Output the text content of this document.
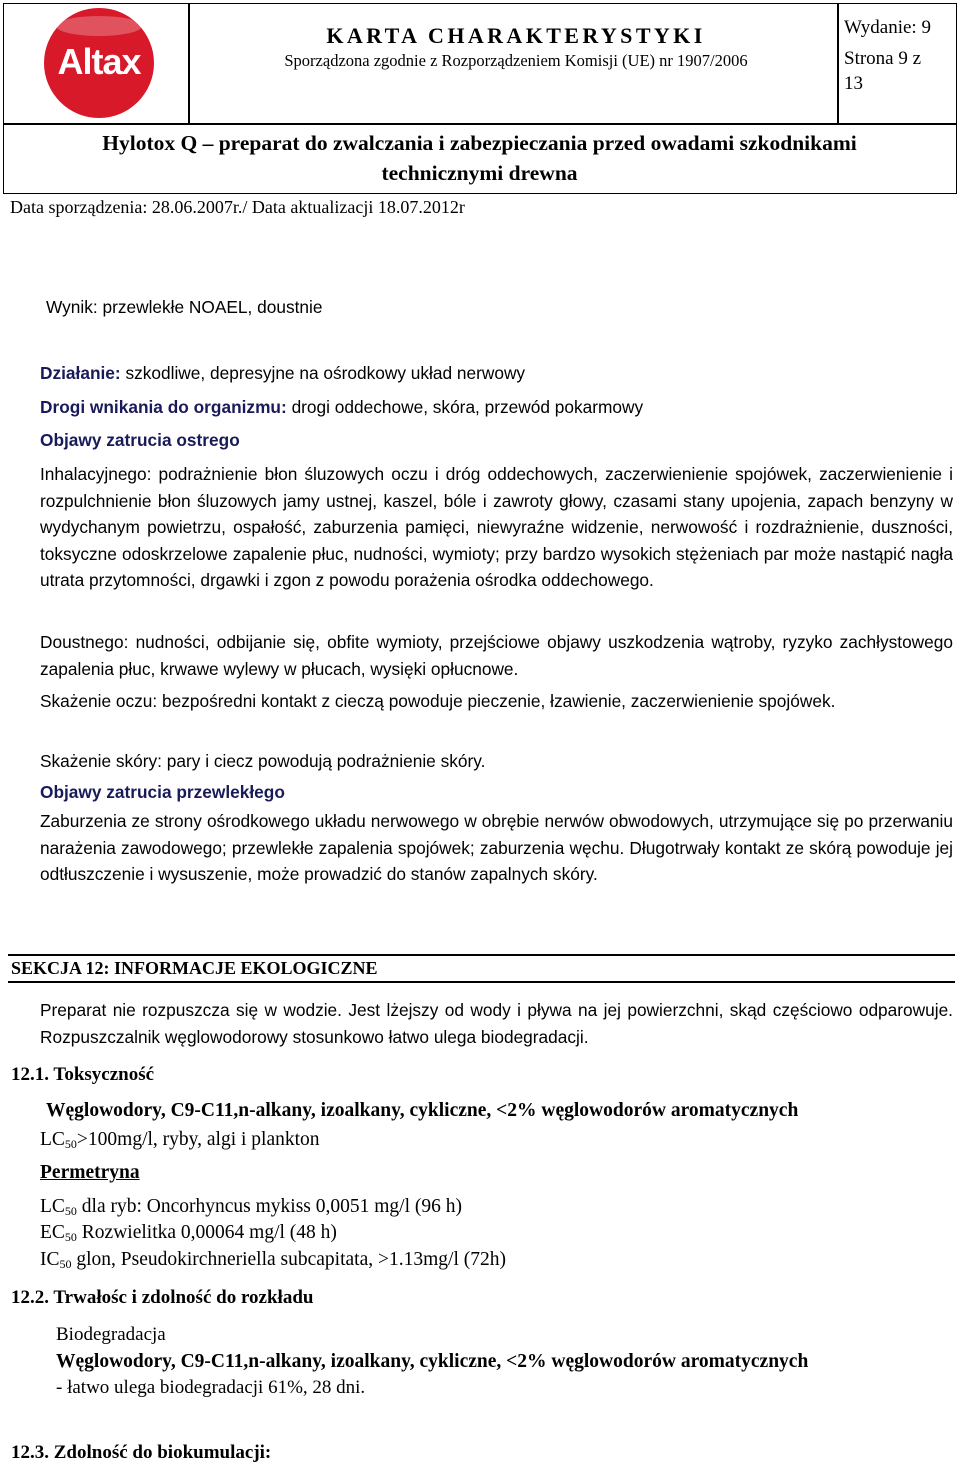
Altax
KARTA CHARAKTERYSTYKI
Sporządzona zgodnie z Rozporządzeniem Komisji (UE) nr 1907/2006
Wydanie: 9
Strona 9 z
13
Hylotox Q – preparat do zwalczania i zabezpieczania przed owadami szkodnikami
technicznymi drewna
Data sporządzenia: 28.06.2007r./ Data aktualizacji 18.07.2012r
Wynik: przewlekłe NOAEL, doustnie
Działanie: szkodliwe, depresyjne na ośrodkowy układ nerwowy
Drogi wnikania do organizmu: drogi oddechowe, skóra, przewód pokarmowy
Objawy zatrucia ostrego
Inhalacyjnego: podrażnienie błon śluzowych oczu i dróg oddechowych, zaczerwienienie spojówek, zaczerwienienie i rozpulchnienie błon śluzowych jamy ustnej, kaszel, bóle i zawroty głowy, czasami stany upojenia, zapach benzyny w wydychanym powietrzu, ospałość, zaburzenia pamięci, niewyraźne widzenie, nerwowość i rozdrażnienie, duszności, toksyczne odoskrzelowe zapalenie płuc, nudności, wymioty; przy bardzo wysokich stężeniach par może nastąpić nagła utrata przytomności, drgawki i zgon z powodu porażenia ośrodka oddechowego.
Doustnego: nudności, odbijanie się, obfite wymioty, przejściowe objawy uszkodzenia wątroby, ryzyko zachłystowego zapalenia płuc, krwawe wylewy w płucach, wysięki opłucnowe.
Skażenie oczu: bezpośredni kontakt z cieczą powoduje pieczenie, łzawienie, zaczerwienienie spojówek.
Skażenie skóry: pary i ciecz powodują podrażnienie skóry.
Objawy zatrucia przewlekłego
Zaburzenia ze strony ośrodkowego układu nerwowego w obrębie nerwów obwodowych, utrzymujące się po przerwaniu narażenia zawodowego; przewlekłe zapalenia spojówek; zaburzenia węchu. Długotrwały kontakt ze skórą powoduje jej odtłuszczenie i wysuszenie, może prowadzić do stanów zapalnych skóry.
SEKCJA 12: INFORMACJE EKOLOGICZNE
Preparat nie rozpuszcza się w wodzie. Jest lżejszy od wody i pływa na jej powierzchni, skąd częściowo odparowuje. Rozpuszczalnik węglowodorowy stosunkowo łatwo ulega biodegradacji.
12.1. Toksyczność
Węglowodory, C9-C11,n-alkany, izoalkany, cykliczne, <2% węglowodorów aromatycznych
$LC_{50}>100mg/l$, ryby, algi i plankton
Permetryna
$LC_{50}$ dla ryb: Oncorhyncus mykiss 0,0051 mg/l (96 h)
$EC_{50}$ Rozwielitka 0,00064 mg/l (48 h)
$IC_{50}$ glon, Pseudokirchneriella subcapitata, >1.13mg/l (72h)
12.2. Trwałośc i zdolność do rozkładu
Biodegradacja
Węglowodory, C9-C11,n-alkany, izoalkany, cykliczne, <2% węglowodorów aromatycznych
- łatwo ulega biodegradacji 61%, 28 dni.
12.3. Zdolność do biokumulacji:
